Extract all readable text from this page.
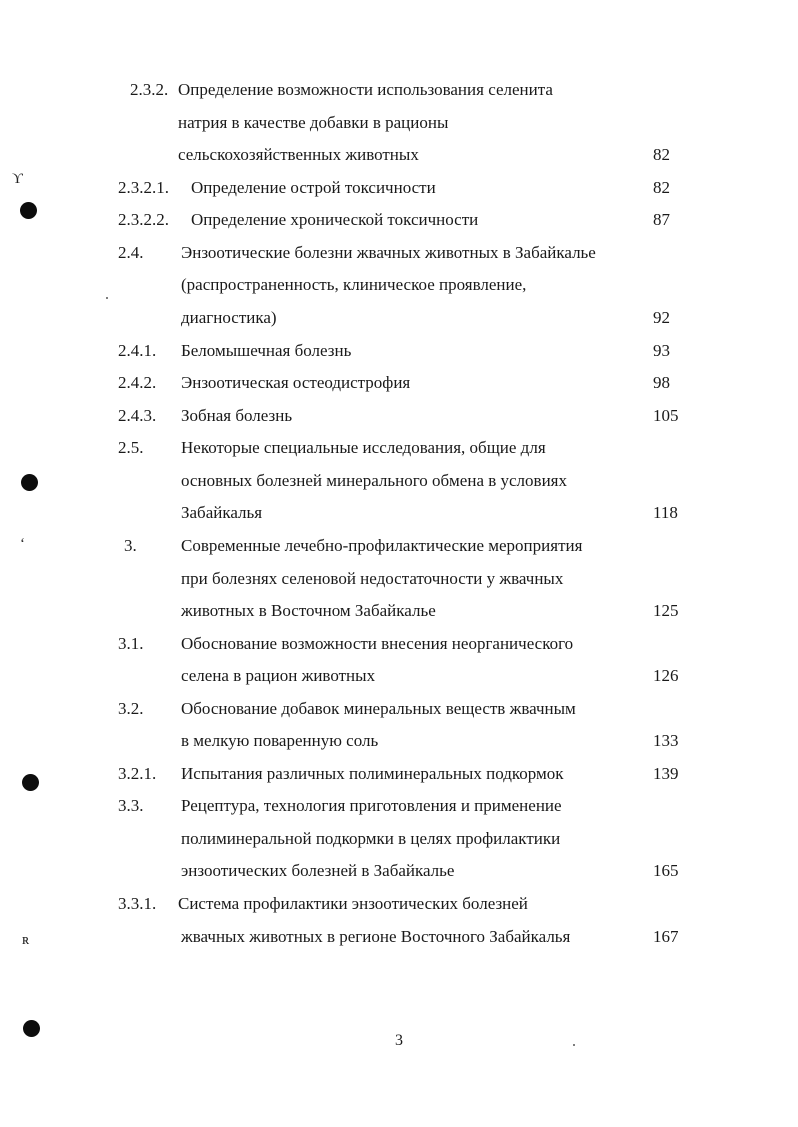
ϒ
ʻ
ʀ
2.3.2. Определение возможности использования селенита
натрия в качестве добавки в рационы
сельскохозяйственных животных	82
2.3.2.1. Определение острой токсичности	82
2.3.2.2. Определение хронической токсичности	87
2.4. Энзоотические болезни жвачных животных в Забайкалье
(распространенность, клиническое проявление,
диагностика)	92
2.4.1. Беломышечная болезнь	93
2.4.2. Энзоотическая остеодистрофия	98
2.4.3. Зобная болезнь	105
2.5. Некоторые специальные исследования, общие для
основных болезней минерального обмена в условиях
Забайкалья	118
3.	Современные лечебно-профилактические мероприятия
при болезнях селеновой недостаточности у жвачных
животных в Восточном Забайкалье	125
3.1. Обоснование возможности внесения неорганического
селена в рацион животных	126
3.2. Обоснование добавок минеральных веществ жвачным
в мелкую поваренную соль	133
3.2.1. Испытания различных полиминеральных подкормок	139
3.3. Рецептура, технология приготовления и применение
полиминеральной подкормки в целях профилактики
энзоотических болезней в Забайкалье	165
3.3.1. Система профилактики энзоотических болезней
жвачных животных в регионе Восточного Забайкалья	167
3
